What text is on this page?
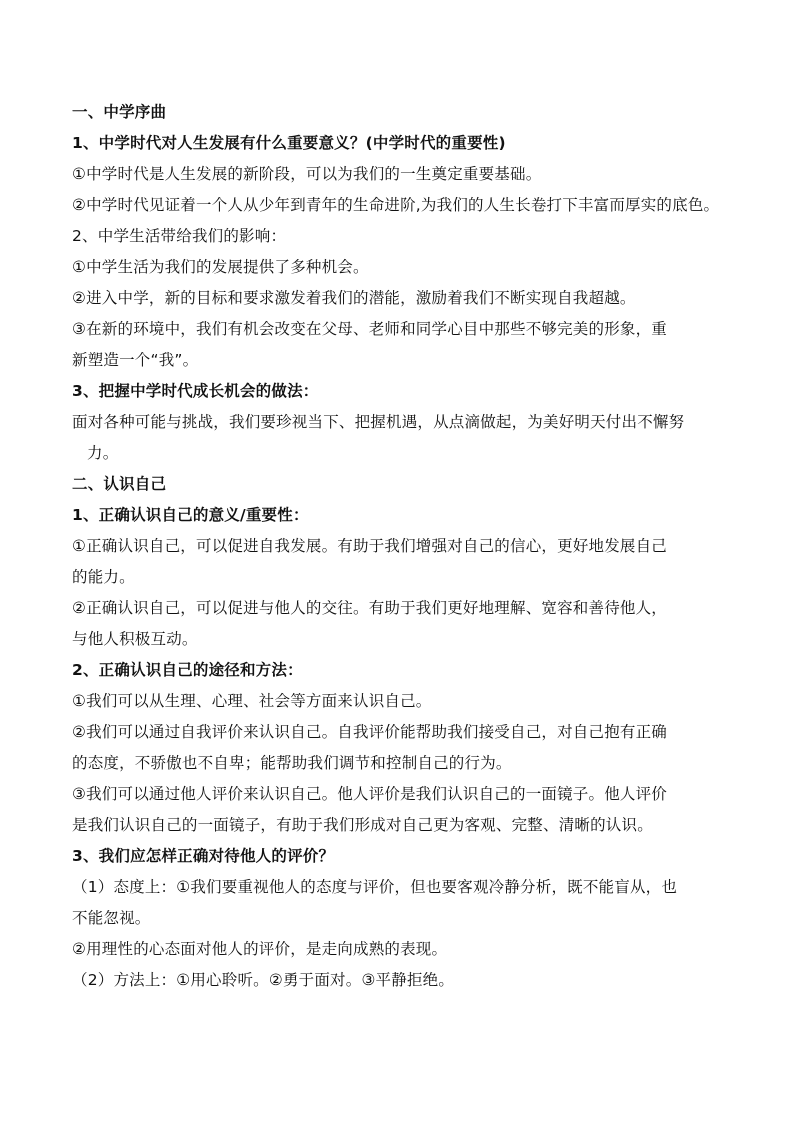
一、中学序曲
1、中学时代对人生发展有什么重要意义？(中学时代的重要性)
①中学时代是人生发展的新阶段，可以为我们的一生奠定重要基础。
②中学时代见证着一个人从少年到青年的生命进阶,为我们的人生长卷打下丰富而厚实的底色。
2、中学生活带给我们的影响：
①中学生活为我们的发展提供了多种机会。
②进入中学，新的目标和要求激发着我们的潜能，激励着我们不断实现自我超越。
③在新的环境中，我们有机会改变在父母、老师和同学心目中那些不够完美的形象，重
新塑造一个“我”。
3、把握中学时代成长机会的做法：
面对各种可能与挑战，我们要珍视当下、把握机遇，从点滴做起，为美好明天付出不懈努
力。
二、认识自己
1、正确认识自己的意义/重要性：
①正确认识自己，可以促进自我发展。有助于我们增强对自己的信心，更好地发展自己
的能力。
②正确认识自己，可以促进与他人的交往。有助于我们更好地理解、宽容和善待他人，
与他人积极互动。
2、正确认识自己的途径和方法：
①我们可以从生理、心理、社会等方面来认识自己。
②我们可以通过自我评价来认识自己。自我评价能帮助我们接受自己，对自己抱有正确
的态度，不骄傲也不自卑；能帮助我们调节和控制自己的行为。
③我们可以通过他人评价来认识自己。他人评价是我们认识自己的一面镜子。他人评价
是我们认识自己的一面镜子，有助于我们形成对自己更为客观、完整、清晰的认识。
3、我们应怎样正确对待他人的评价？
（1）态度上：①我们要重视他人的态度与评价，但也要客观冷静分析，既不能盲从，也
不能忽视。
②用理性的心态面对他人的评价，是走向成熟的表现。
（2）方法上：①用心聆听。②勇于面对。③平静拒绝。
